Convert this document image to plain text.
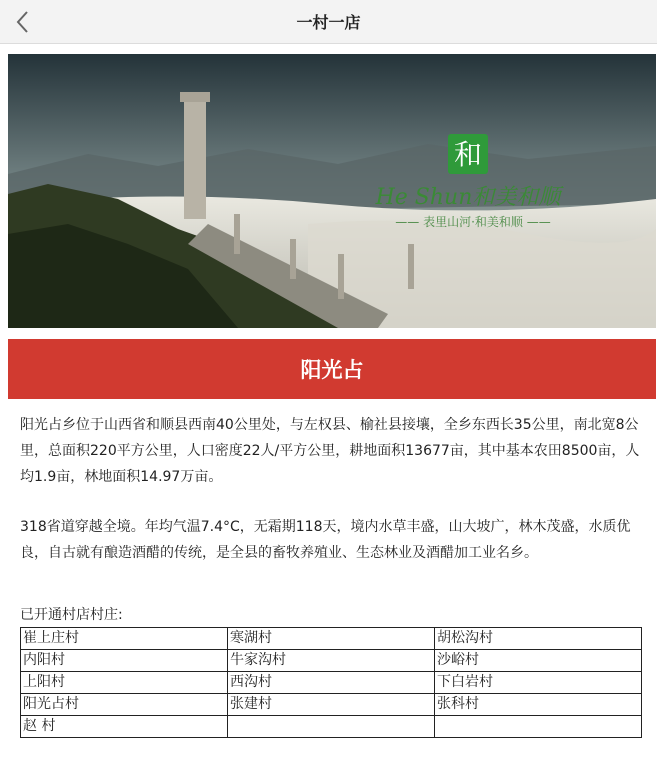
一村一店
和
He Shun和美和顺
—— 表里山河·和美和顺 ——
阳光占

阳光占乡位于山西省和顺县西南40公里处，与左权县、榆社县接壤，全乡东西长35公里，南北宽8公里，总面积220平方公里，人口密度22人/平方公里，耕地面积13677亩，其中基本农田8500亩，人均1.9亩，林地面积14.97万亩。

318省道穿越全境。年均气温7.4°C，无霜期118天，境内水草丰盛，山大坡广，林木茂盛，水质优良，自古就有酿造酒醋的传统，是全县的畜牧养殖业、生态林业及酒醋加工业名乡。

已开通村店村庄:
崔上庄村	寒湖村	胡松沟村
内阳村	牛家沟村	沙峪村
上阳村	西沟村	下白岩村
阳光占村	张建村	张科村
赵 村		
